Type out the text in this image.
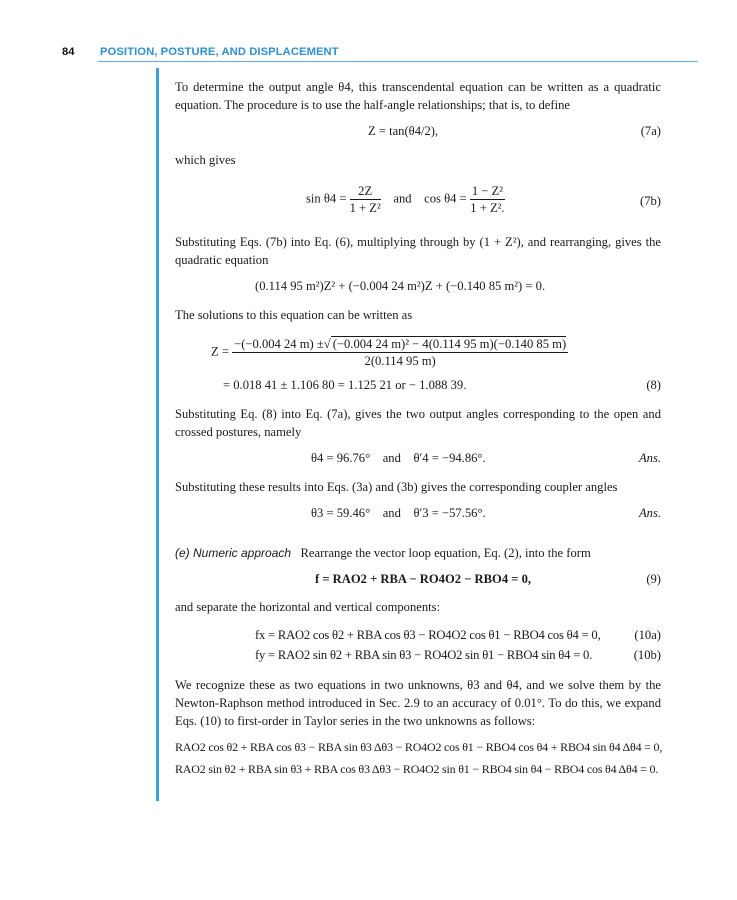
84 POSITION, POSTURE, AND DISPLACEMENT

To determine the output angle θ4, this transcendental equation can be written as a quadratic equation. The procedure is to use the half-angle relationships; that is, to define

Z = tan(θ4/2),	(7a)

which gives

$\sin \theta 4 = \frac{2Z}{\text{1 + Z²}}$ and $\cos \theta 4 = \frac{\text{1 − Z²}}{\text{1 + Z².}}$	(7b)

Substituting Eqs. (7b) into Eq. (6), multiplying through by (1 + Z²), and rearranging, gives the quadratic equation

(0.114 95 m²)Z² + (−0.004 24 m²)Z + (−0.140 85 m²) = 0.

The solutions to this equation can be written as

$Z = \frac{\text{−(−0.004 24 m) ±√ (−0.004 24 m)² − 4(0.114 95 m)(−0.140 85 m)}}{2(0.114 95 m)}$
= 0.018 41 ± 1.106 80 = 1.125 21 or − 1.088 39.	(8)

Substituting Eq. (8) into Eq. (7a), gives the two output angles corresponding to the open and crossed postures, namely

θ4 = 96.76° and θ′4 = −94.86°.	Ans.

Substituting these results into Eqs. (3a) and (3b) gives the corresponding coupler angles

θ3 = 59.46° and θ′3 = −57.56°.	Ans.

(e) Numeric approach Rearrange the vector loop equation, Eq. (2), into the form

f = RAO2 + RBA − RO4O2 − RBO4 = 0,	(9)

and separate the horizontal and vertical components:

fx = RAO2 cos θ2 + RBA cos θ3 − RO4O2 cos θ1 − RBO4 cos θ4 = 0,	(10a)
fy = RAO2 sin θ2 + RBA sin θ3 − RO4O2 sin θ1 − RBO4 sin θ4 = 0.	(10b)

We recognize these as two equations in two unknowns, θ3 and θ4, and we solve them by the Newton-Raphson method introduced in Sec. 2.9 to an accuracy of 0.01°. To do this, we expand Eqs. (10) to first-order in Taylor series in the two unknowns as follows:

RAO2 cos θ2 + RBA cos θ3 − RBA sin θ3 Δθ3 − RO4O2 cos θ1 − RBO4 cos θ4 + RBO4 sin θ4 Δθ4 = 0,
RAO2 sin θ2 + RBA sin θ3 + RBA cos θ3 Δθ3 − RO4O2 sin θ1 − RBO4 sin θ4 − RBO4 cos θ4 Δθ4 = 0.
